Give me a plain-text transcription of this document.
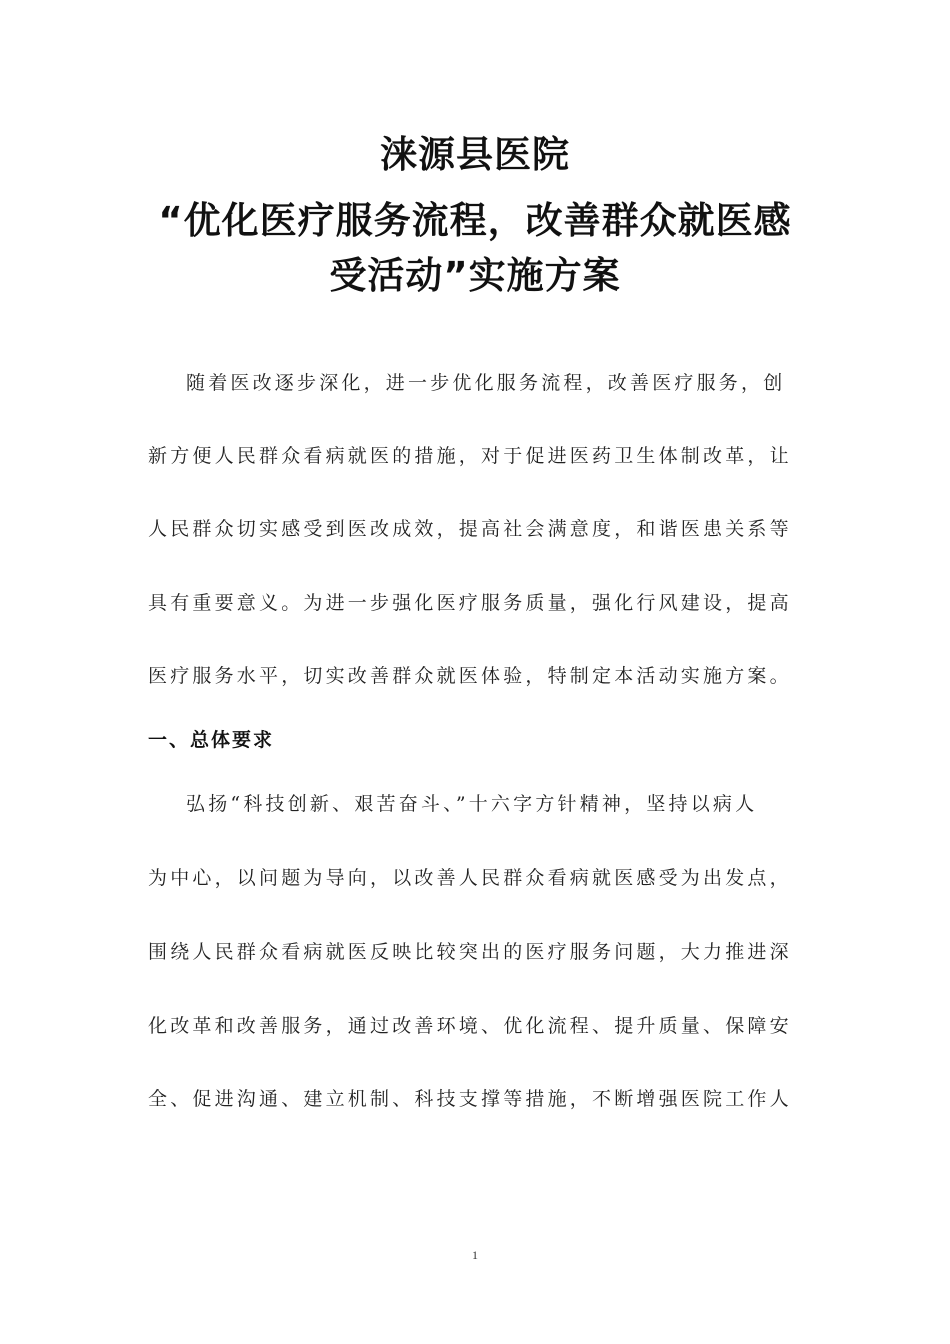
涞源县医院
“优化医疗服务流程，改善群众就医感
受活动”实施方案

随着医改逐步深化，进一步优化服务流程，改善医疗服务，创

新方便人民群众看病就医的措施，对于促进医药卫生体制改革，让

人民群众切实感受到医改成效，提高社会满意度，和谐医患关系等

具有重要意义。为进一步强化医疗服务质量，强化行风建设，提高

医疗服务水平，切实改善群众就医体验，特制定本活动实施方案。

一、总体要求

弘扬“科技创新、艰苦奋斗、”十六字方针精神，坚持以病人

为中心，以问题为导向，以改善人民群众看病就医感受为出发点，

围绕人民群众看病就医反映比较突出的医疗服务问题，大力推进深

化改革和改善服务，通过改善环境、优化流程、提升质量、保障安

全、促进沟通、建立机制、科技支撑等措施，不断增强医院工作人

1
